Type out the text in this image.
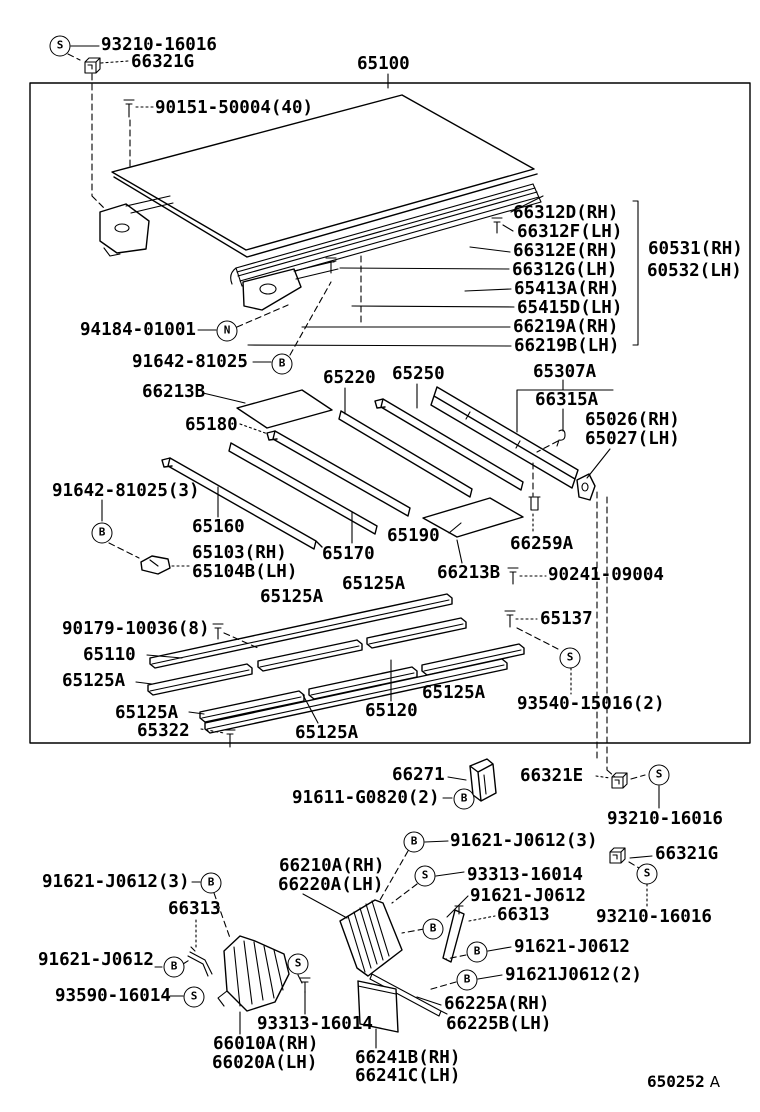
93210-16016
66321G	65100
90151-50004(40)
66312D(RH)
66312F(LH)
66312E(RH)
66312G(LH)
65413A(RH)
65415D(LH)
66219A(RH)
66219B(LH)
60531(RH)
60532(LH)
94184-01001
91642-81025
66213B
65180
65220 65250	65307A
66315A
65026(RH)
65027(LH)
91642-81025(3)
65160
65103(RH)
65104B(LH)
65170
65190	66259A
66213B	90241-09004
65137
65125A
65125A
90179-10036(8)
65110
65125A
65125A
65322	65125A
65120
65125A
93540-15016(2)
66271
91611-G0820(2)
66321E
93210-16016
91621-J0612(3)
66321G
93313-16014
91621-J0612
91621-J0612(3)
66313
66210A(RH)
66220A(LH)
66313	93210-16016
91621-J0612
91621J0612(2)
91621-J0612
93590-16014	66225A(RH)
66225B(LH)
93313-16014
66010A(RH)
66020A(LH) 66241B(RH)
66241C(LH)
S
N
B
B
S
B
S
B
S
B
B
B
B
B
S
S
S
650252 A
